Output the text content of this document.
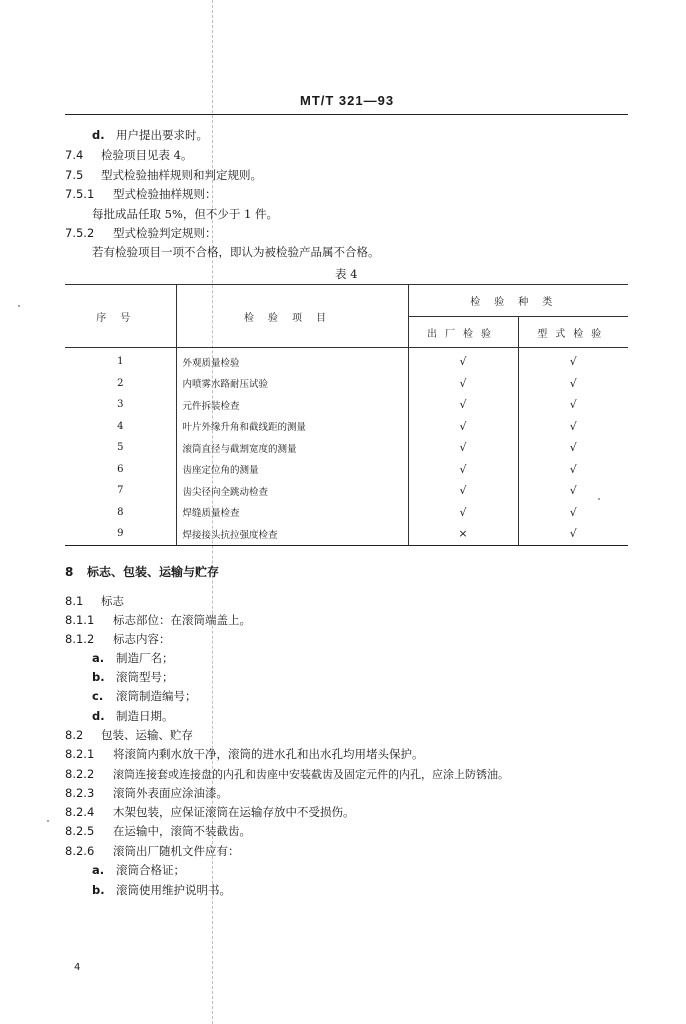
MT/T 321—93
d. 用户提出要求时。
7.4 检验项目见表 4。
7.5 型式检验抽样规则和判定规则。
7.5.1 型式检验抽样规则：
每批成品任取 5%，但不少于 1 件。
7.5.2 型式检验判定规则：
若有检验项目一项不合格，即认为被检验产品属不合格。
表 4
序号	检验项目	检验种类	
		出厂检验	型式检验
1	外观质量检验	√	√
2	内喷雾水路耐压试验	√	√
3	元件拆装检查	√	√
4	叶片外缘升角和截线距的测量	√	√
5	滚筒直径与截割宽度的测量	√	√
6	齿座定位角的测量	√	√
7	齿尖径向全跳动检查	√	√
8	焊缝质量检查	√	√
9	焊接接头抗拉强度检查	×	√
8 标志、包装、运输与贮存
8.1 标志
8.1.1 标志部位：在滚筒端盖上。
8.1.2 标志内容：
a. 制造厂名；
b. 滚筒型号；
c. 滚筒制造编号；
d. 制造日期。
8.2 包装、运输、贮存
8.2.1 将滚筒内剩水放干净，滚筒的进水孔和出水孔均用堵头保护。
8.2.2 滚筒连接套或连接盘的内孔和齿座中安装截齿及固定元件的内孔，应涂上防锈油。
8.2.3 滚筒外表面应涂油漆。
8.2.4 木架包装，应保证滚筒在运输存放中不受损伤。
8.2.5 在运输中，滚筒不装截齿。
8.2.6 滚筒出厂随机文件应有：
a. 滚筒合格证；
b. 滚筒使用维护说明书。
4
